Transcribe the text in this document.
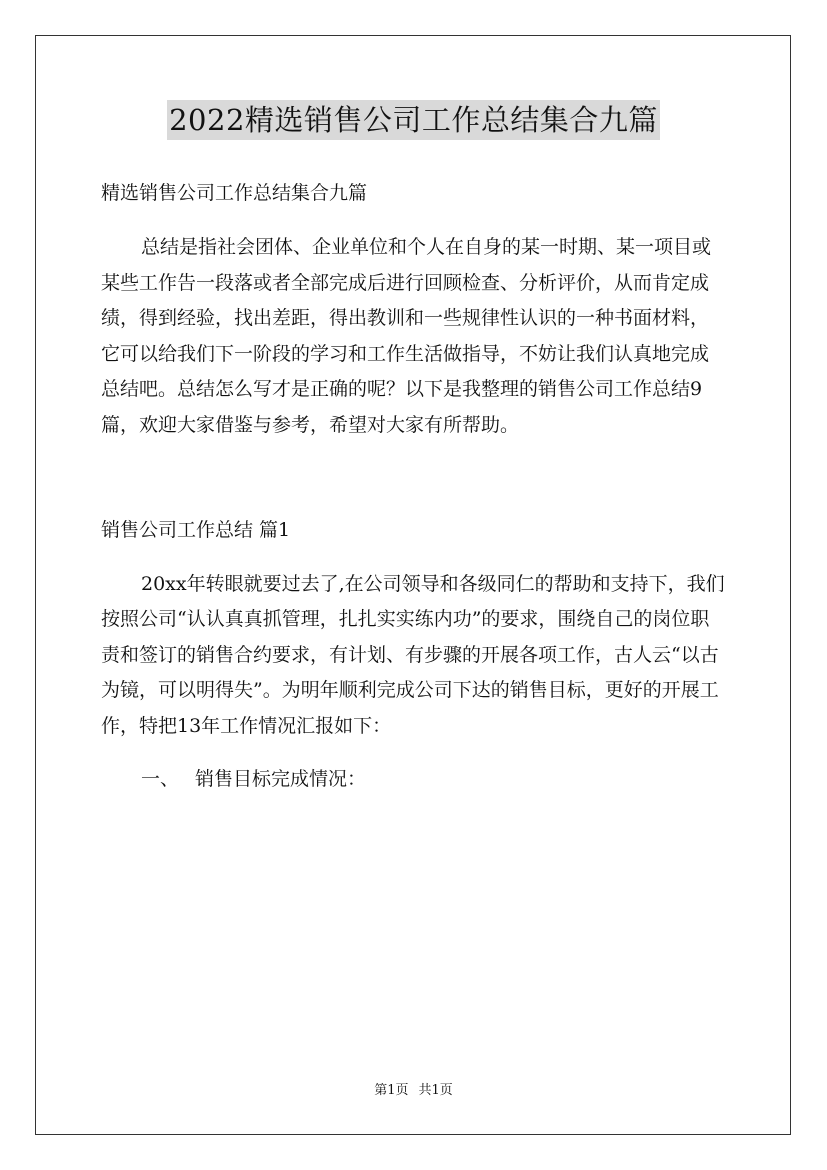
2022精选销售公司工作总结集合九篇

精选销售公司工作总结集合九篇

总结是指社会团体、企业单位和个人在自身的某一时期、某一项目或某些工作告一段落或者全部完成后进行回顾检查、分析评价，从而肯定成绩，得到经验，找出差距，得出教训和一些规律性认识的一种书面材料，它可以给我们下一阶段的学习和工作生活做指导，不妨让我们认真地完成总结吧。总结怎么写才是正确的呢？以下是我整理的销售公司工作总结9篇，欢迎大家借鉴与参考，希望对大家有所帮助。

销售公司工作总结 篇1

20xx年转眼就要过去了,在公司领导和各级同仁的帮助和支持下，我们按照公司“认认真真抓管理，扎扎实实练内功”的要求，围绕自己的岗位职责和签订的销售合约要求，有计划、有步骤的开展各项工作，古人云“以古为镜，可以明得失”。为明年顺利完成公司下达的销售目标，更好的开展工作，特把13年工作情况汇报如下：

一、 销售目标完成情况：

第1页 共1页
